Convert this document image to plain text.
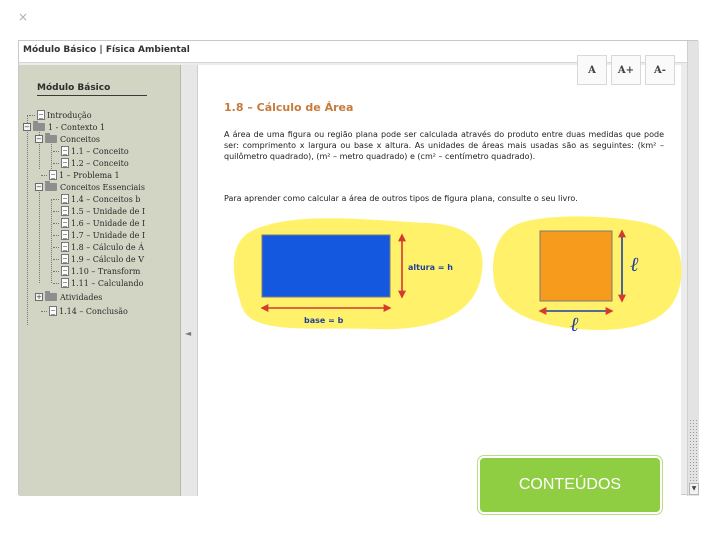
×
Módulo Básico | Física Ambiental
Módulo Básico
Introdução
− 1 - Contexto 1
− Conceitos
1.1 – Conceito
1.2 – Conceito
1 – Problema 1
− Conceitos Essenciais
1.4 – Conceitos b
1.5 – Unidade de I
1.6 – Unidade de I
1.7 – Unidade de I
1.8 – Cálculo de Á
1.9 – Cálculo de V
1.10 – Transform
1.11 – Calculando
+ Atividades
1.14 – Conclusão
◄
A	A+	A-
1.8 – Cálculo de Área

A área de uma figura ou região plana pode ser calculada através do produto entre duas medidas que pode ser: comprimento x largura ou base x altura. As unidades de áreas mais usadas são as seguintes: (km² – quilômetro quadrado), (m² – metro quadrado) e (cm² – centímetro quadrado).

Para aprender como calcular a área de outros tipos de figura plana, consulte o seu livro.

altura = h
base = b
ℓ
ℓ
▼
CONTEÚDOS
